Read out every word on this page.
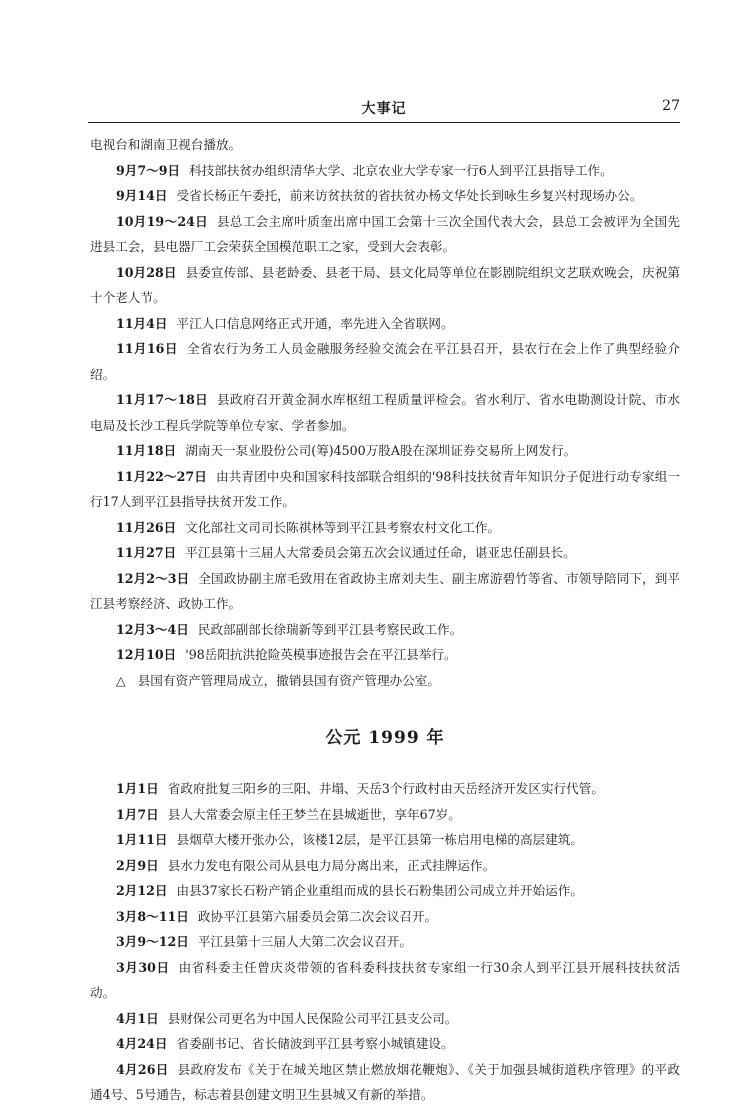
大事记	27

电视台和湖南卫视台播放。

9月7～9日 科技部扶贫办组织清华大学、北京农业大学专家一行6人到平江县指导工作。

9月14日 受省长杨正午委托，前来访贫扶贫的省扶贫办杨文华处长到咏生乡复兴村现场办公。

10月19～24日 县总工会主席叶质奎出席中国工会第十三次全国代表大会，县总工会被评为全国先进县工会，县电器厂工会荣获全国模范职工之家，受到大会表彰。

10月28日 县委宣传部、县老龄委、县老干局、县文化局等单位在影剧院组织文艺联欢晚会，庆祝第十个老人节。

11月4日 平江人口信息网络正式开通，率先进入全省联网。

11月16日 全省农行为务工人员金融服务经验交流会在平江县召开，县农行在会上作了典型经验介绍。

11月17～18日 县政府召开黄金洞水库枢纽工程质量评检会。省水利厅、省水电勘测设计院、市水电局及长沙工程兵学院等单位专家、学者参加。

11月18日 湖南天一泵业股份公司(筹)4500万股A股在深圳证券交易所上网发行。

11月22～27日 由共青团中央和国家科技部联合组织的'98科技扶贫青年知识分子促进行动专家组一行17人到平江县指导扶贫开发工作。

11月26日 文化部社文司司长陈祺林等到平江县考察农村文化工作。

11月27日 平江县第十三届人大常委员会第五次会议通过任命，谌亚忠任副县长。

12月2～3日 全国政协副主席毛致用在省政协主席刘夫生、副主席游碧竹等省、市领导陪同下，到平江县考察经济、政协工作。

12月3～4日 民政部副部长徐瑞新等到平江县考察民政工作。

12月10日 '98岳阳抗洪抢险英模事迹报告会在平江县举行。

△ 县国有资产管理局成立，撤销县国有资产管理办公室。

公元 1999 年

1月1日 省政府批复三阳乡的三阳、井塌、天岳3个行政村由天岳经济开发区实行代管。

1月7日 县人大常委会原主任王梦兰在县城逝世，享年67岁。

1月11日 县烟草大楼开张办公，该楼12层，是平江县第一栋启用电梯的高层建筑。

2月9日 县水力发电有限公司从县电力局分离出来，正式挂牌运作。

2月12日 由县37家长石粉产销企业重组而成的县长石粉集团公司成立并开始运作。

3月8～11日 政协平江县第六届委员会第二次会议召开。

3月9～12日 平江县第十三届人大第二次会议召开。

3月30日 由省科委主任曾庆炎带领的省科委科技扶贫专家组一行30余人到平江县开展科技扶贫活动。

4月1日 县财保公司更名为中国人民保险公司平江县支公司。

4月24日 省委副书记、省长储波到平江县考察小城镇建设。

4月26日 县政府发布《关于在城关地区禁止燃放烟花鞭炮》、《关于加强县城街道秩序管理》的平政通4号、5号通告，标志着县创建文明卫生县城又有新的举措。
